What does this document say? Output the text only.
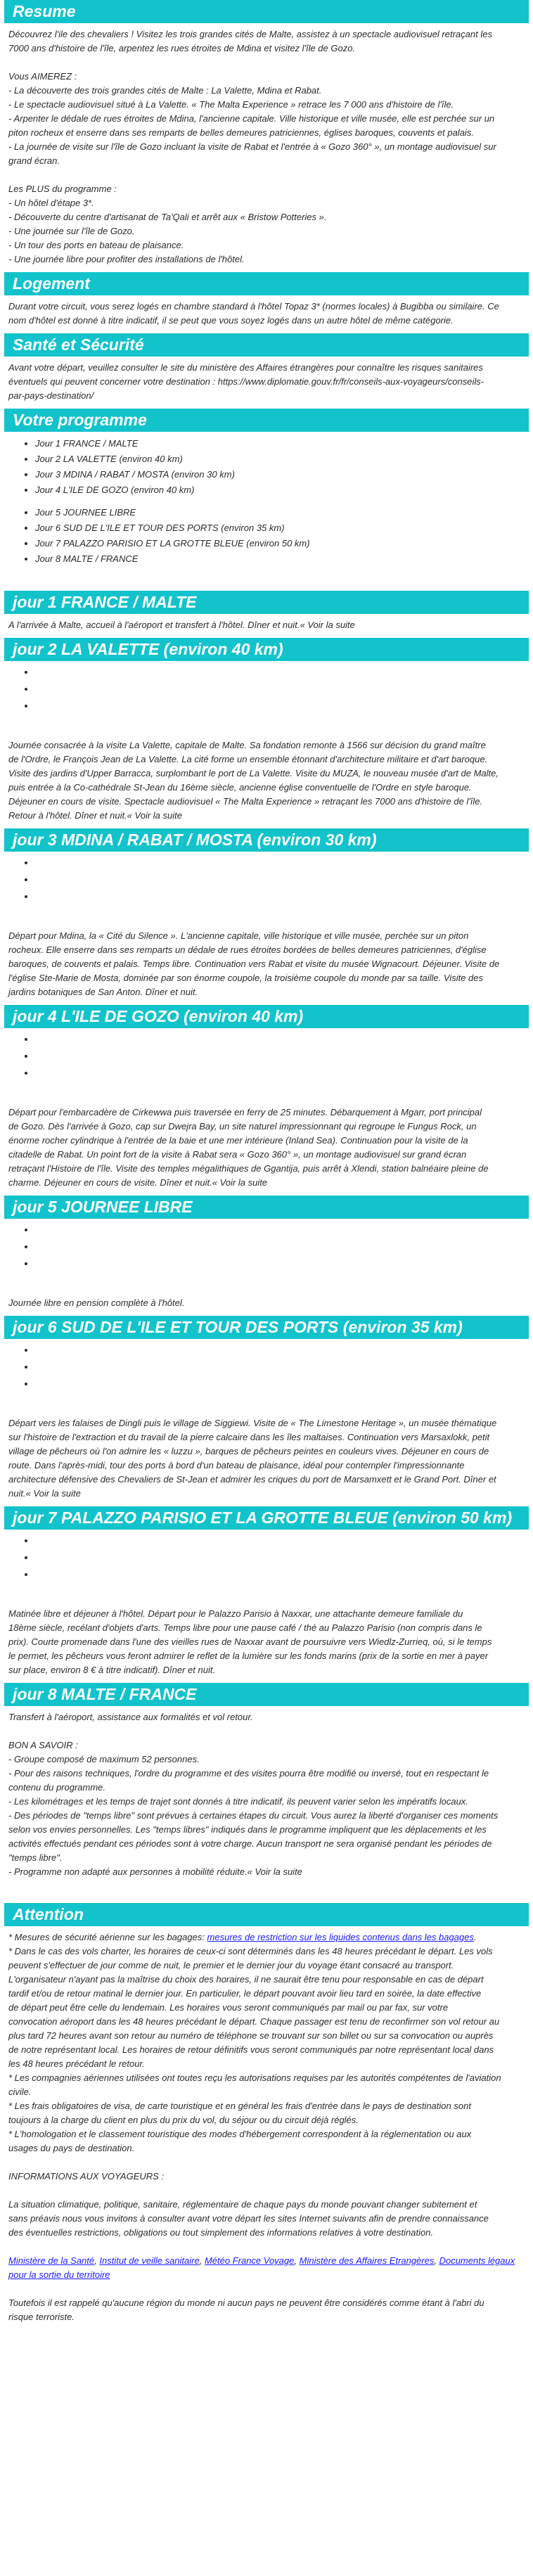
Resume
Découvrez l'ile des chevaliers ! Visitez les trois grandes cités de Malte, assistez à un spectacle audiovisuel retraçant les
7000 ans d'histoire de l'île, arpentez les rues étroites de Mdina et visitez l'île de Gozo.

Vous AIMEREZ :
- La découverte des trois grandes cités de Malte : La Valette, Mdina et Rabat.
- Le spectacle audiovisuel situé à La Valette. « The Malta Experience » retrace les 7 000 ans d'histoire de l'île.
- Arpenter le dédale de rues étroites de Mdina, l'ancienne capitale. Ville historique et ville musée, elle est perchée sur un
piton rocheux et enserre dans ses remparts de belles demeures patriciennes, églises baroques, couvents et palais.
- La journée de visite sur l'île de Gozo incluant la visite de Rabat et l'entrée à « Gozo 360° », un montage audiovisuel sur
grand écran.

Les PLUS du programme :
- Un hôtel d'étape 3*.
- Découverte du centre d'artisanat de Ta'Qali et arrêt aux « Bristow Potteries ».
- Une journée sur l'île de Gozo.
- Un tour des ports en bateau de plaisance.
- Une journée libre pour profiter des installations de l'hôtel.
Logement
Durant votre circuit, vous serez logés en chambre standard à l'hôtel Topaz 3* (normes locales) à Bugibba ou similaire. Ce
nom d'hôtel est donné à titre indicatif, il se peut que vous soyez logés dans un autre hôtel de même catégorie.
Santé et Sécurité
Avant votre départ, veuillez consulter le site du ministère des Affaires étrangères pour connaître les risques sanitaires
éventuels qui peuvent concerner votre destination : https://www.diplomatie.gouv.fr/fr/conseils-aux-voyageurs/conseils-
par-pays-destination/
Votre programme
• Jour 1 FRANCE / MALTE
• Jour 2 LA VALETTE (environ 40 km)
• Jour 3 MDINA / RABAT / MOSTA (environ 30 km)
• Jour 4 L'ILE DE GOZO (environ 40 km)
• Jour 5 JOURNEE LIBRE
• Jour 6 SUD DE L'ILE ET TOUR DES PORTS (environ 35 km)
• Jour 7 PALAZZO PARISIO ET LA GROTTE BLEUE (environ 50 km)
• Jour 8 MALTE / FRANCE
jour 1 FRANCE / MALTE
A l'arrivée à Malte, accueil à l'aéroport et transfert à l'hôtel. Dîner et nuit.« Voir la suite
jour 2 LA VALETTE (environ 40 km)
•
•
•
Journée consacrée à la visite La Valette, capitale de Malte. Sa fondation remonte à 1566 sur décision du grand maître
de l'Ordre, le François Jean de La Valette. La cité forme un ensemble étonnant d'architecture militaire et d'art baroque.
Visite des jardins d'Upper Barracca, surplombant le port de La Valette. Visite du MUZA, le nouveau musée d'art de Malte,
puis entrée à la Co-cathédrale St-Jean du 16ème siècle, ancienne église conventuelle de l'Ordre en style baroque.
Déjeuner en cours de visite. Spectacle audiovisuel « The Malta Experience » retraçant les 7000 ans d'histoire de l'île.
Retour à l'hôtel. Dîner et nuit.« Voir la suite
jour 3 MDINA / RABAT / MOSTA (environ 30 km)
•
•
•
Départ pour Mdina, la « Cité du Silence ». L'ancienne capitale, ville historique et ville musée, perchée sur un piton
rocheux. Elle enserre dans ses remparts un dédale de rues étroites bordées de belles demeures patriciennes, d'église
baroques, de couvents et palais. Temps libre. Continuation vers Rabat et visite du musée Wignacourt. Déjeuner. Visite de
l'église Ste-Marie de Mosta, dominée par son énorme coupole, la troisième coupole du monde par sa taille. Visite des
jardins botaniques de San Anton. Dîner et nuit.
jour 4 L'ILE DE GOZO (environ 40 km)
•
•
•
Départ pour l'embarcadère de Cirkewwa puis traversée en ferry de 25 minutes. Débarquement à Mgarr, port principal
de Gozo. Dès l'arrivée à Gozo, cap sur Dwejra Bay, un site naturel impressionnant qui regroupe le Fungus Rock, un
énorme rocher cylindrique à l'entrée de la baie et une mer intérieure (Inland Sea). Continuation pour la visite de la
citadelle de Rabat. Un point fort de la visite à Rabat sera « Gozo 360° », un montage audiovisuel sur grand écran
retraçant l'Histoire de l'île. Visite des temples mégalithiques de Ggantija, puis arrêt à Xlendi, station balnéaire pleine de
charme. Déjeuner en cours de visite. Dîner et nuit.« Voir la suite
jour 5 JOURNEE LIBRE
•
•
•
Journée libre en pension complète à l'hôtel.
jour 6 SUD DE L'ILE ET TOUR DES PORTS (environ 35 km)
•
•
•
Départ vers les falaises de Dingli puis le village de Siggiewi. Visite de « The Limestone Heritage », un musée thématique
sur l'histoire de l'extraction et du travail de la pierre calcaire dans les îles maltaises. Continuation vers Marsaxlokk, petit
village de pêcheurs où l'on admire les « luzzu », barques de pêcheurs peintes en couleurs vives. Déjeuner en cours de
route. Dans l'après-midi, tour des ports à bord d'un bateau de plaisance, idéal pour contempler l'impressionnante
architecture défensive des Chevaliers de St-Jean et admirer les criques du port de Marsamxett et le Grand Port. Dîner et
nuit.« Voir la suite
jour 7 PALAZZO PARISIO ET LA GROTTE BLEUE (environ 50 km)
•
•
•
Matinée libre et déjeuner à l'hôtel. Départ pour le Palazzo Parisio à Naxxar, une attachante demeure familiale du
18ème siècle, recélant d'objets d'arts. Temps libre pour une pause café / thé au Palazzo Parisio (non compris dans le
prix). Courte promenade dans l'une des vieilles rues de Naxxar avant de poursuivre vers Wiedlz-Zurrieq, où, si le temps
le permet, les pêcheurs vous feront admirer le reflet de la lumière sur les fonds marins (prix de la sortie en mer à payer
sur place, environ 8 € à titre indicatif). Dîner et nuit.
jour 8 MALTE / FRANCE
Transfert à l'aéroport, assistance aux formalités et vol retour.

BON A SAVOIR :
- Groupe composé de maximum 52 personnes.
- Pour des raisons techniques, l'ordre du programme et des visites pourra être modifié ou inversé, tout en respectant le
contenu du programme.
- Les kilométrages et les temps de trajet sont donnés à titre indicatif, ils peuvent varier selon les impératifs locaux.
- Des périodes de "temps libre" sont prévues à certaines étapes du circuit. Vous aurez la liberté d'organiser ces moments
selon vos envies personnelles. Les "temps libres" indiqués dans le programme impliquent que les déplacements et les
activités effectués pendant ces périodes sont à votre charge. Aucun transport ne sera organisé pendant les périodes de
"temps libre".
- Programme non adapté aux personnes à mobilité réduite.« Voir la suite
Attention

* Mesures de sécurité aérienne sur les bagages: mesures de restriction sur les liquides contenus dans les bagages.

* Dans le cas des vols charter, les horaires de ceux-ci sont déterminés dans les 48 heures précédant le départ. Les vols
peuvent s'effectuer de jour comme de nuit, le premier et le dernier jour du voyage étant consacré au transport.
L'organisateur n'ayant pas la maîtrise du choix des horaires, il ne saurait être tenu pour responsable en cas de départ
tardif et/ou de retour matinal le dernier jour. En particulier, le départ pouvant avoir lieu tard en soirée, la date effective
de départ peut être celle du lendemain. Les horaires vous seront communiqués par mail ou par fax, sur votre
convocation aéroport dans les 48 heures précédant le départ. Chaque passager est tenu de reconfirmer son vol retour au
plus tard 72 heures avant son retour au numéro de téléphone se trouvant sur son billet ou sur sa convocation ou auprès
de notre représentant local. Les horaires de retour définitifs vous seront communiqués par notre représentant local dans
les 48 heures précédant le retour.
* Les compagnies aériennes utilisées ont toutes reçu les autorisations requises par les autorités compétentes de l'aviation
civile.
* Les frais obligatoires de visa, de carte touristique et en général les frais d'entrée dans le pays de destination sont
toujours à la charge du client en plus du prix du vol, du séjour ou du circuit déjà réglés.
* L'homologation et le classement touristique des modes d'hébergement correspondent à la réglementation ou aux
usages du pays de destination.

INFORMATIONS AUX VOYAGEURS :

La situation climatique, politique, sanitaire, réglementaire de chaque pays du monde pouvant changer subitement et
sans préavis nous vous invitons à consulter avant votre départ les sites Internet suivants afin de prendre connaissance
des éventuelles restrictions, obligations ou tout simplement des informations relatives à votre destination.

Ministère de la Santé, Institut de veille sanitaire, Météo France Voyage, Ministère des Affaires Etrangères, Documents légaux pour la sortie du territoire

Toutefois il est rappelé qu'aucune région du monde ni aucun pays ne peuvent être considérés comme étant à l'abri du
risque terroriste.
